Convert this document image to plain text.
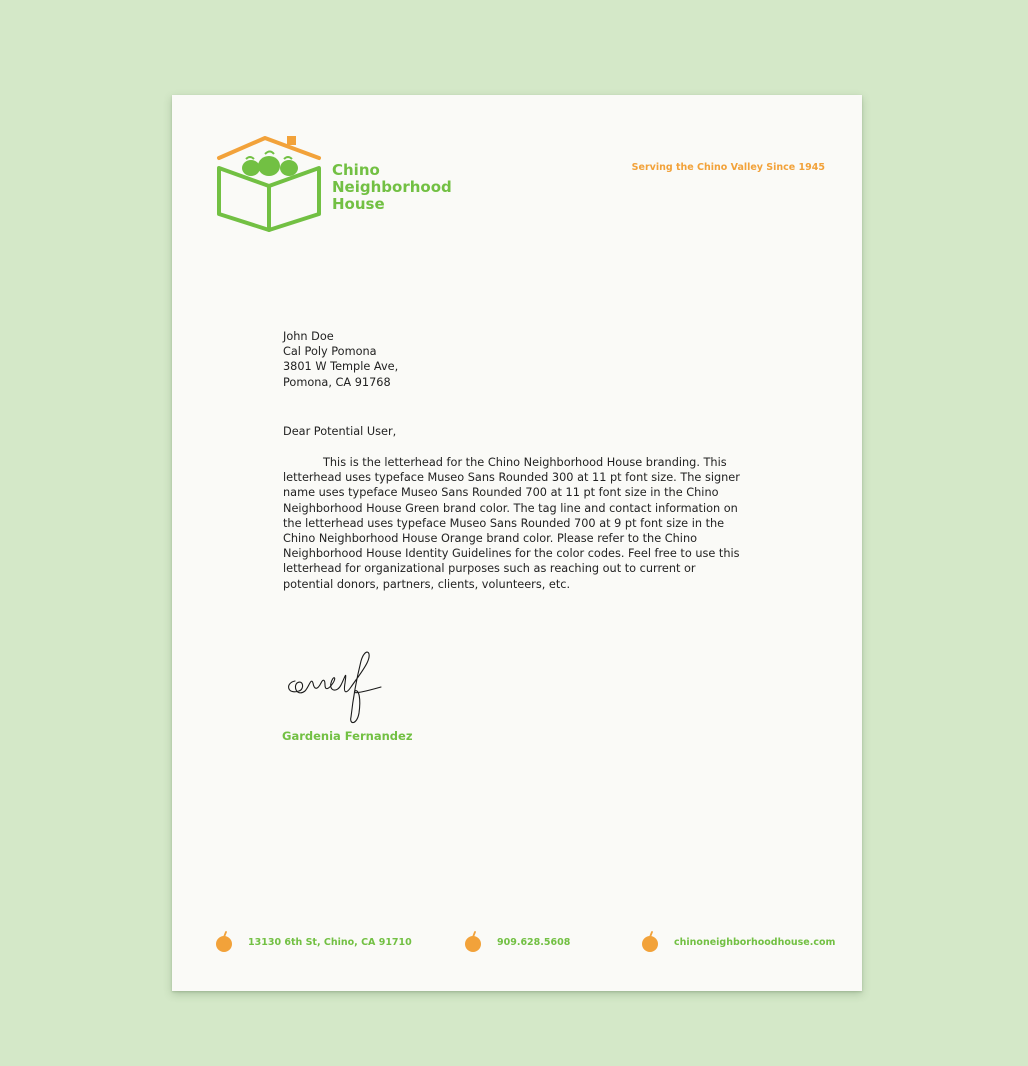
Chino
Neighborhood
House
Serving the Chino Valley Since 1945
John Doe
Cal Poly Pomona
3801 W Temple Ave,
Pomona, CA 91768
Dear Potential User,

This is the letterhead for the Chino Neighborhood House branding. This letterhead uses typeface Museo Sans Rounded 300 at 11 pt font size. The signer name uses typeface Museo Sans Rounded 700 at 11 pt font size in the Chino Neighborhood House Green brand color. The tag line and contact information on the letterhead uses typeface Museo Sans Rounded 700 at 9 pt font size in the Chino Neighborhood House Orange brand color. Please refer to the Chino Neighborhood House Identity Guidelines for the color codes. Feel free to use this letterhead for organizational purposes such as reaching out to current or potential donors, partners, clients, volunteers, etc.

Gardenia Fernandez
13130 6th St, Chino, CA 91710	909.628.5608	chinoneighborhoodhouse.com
